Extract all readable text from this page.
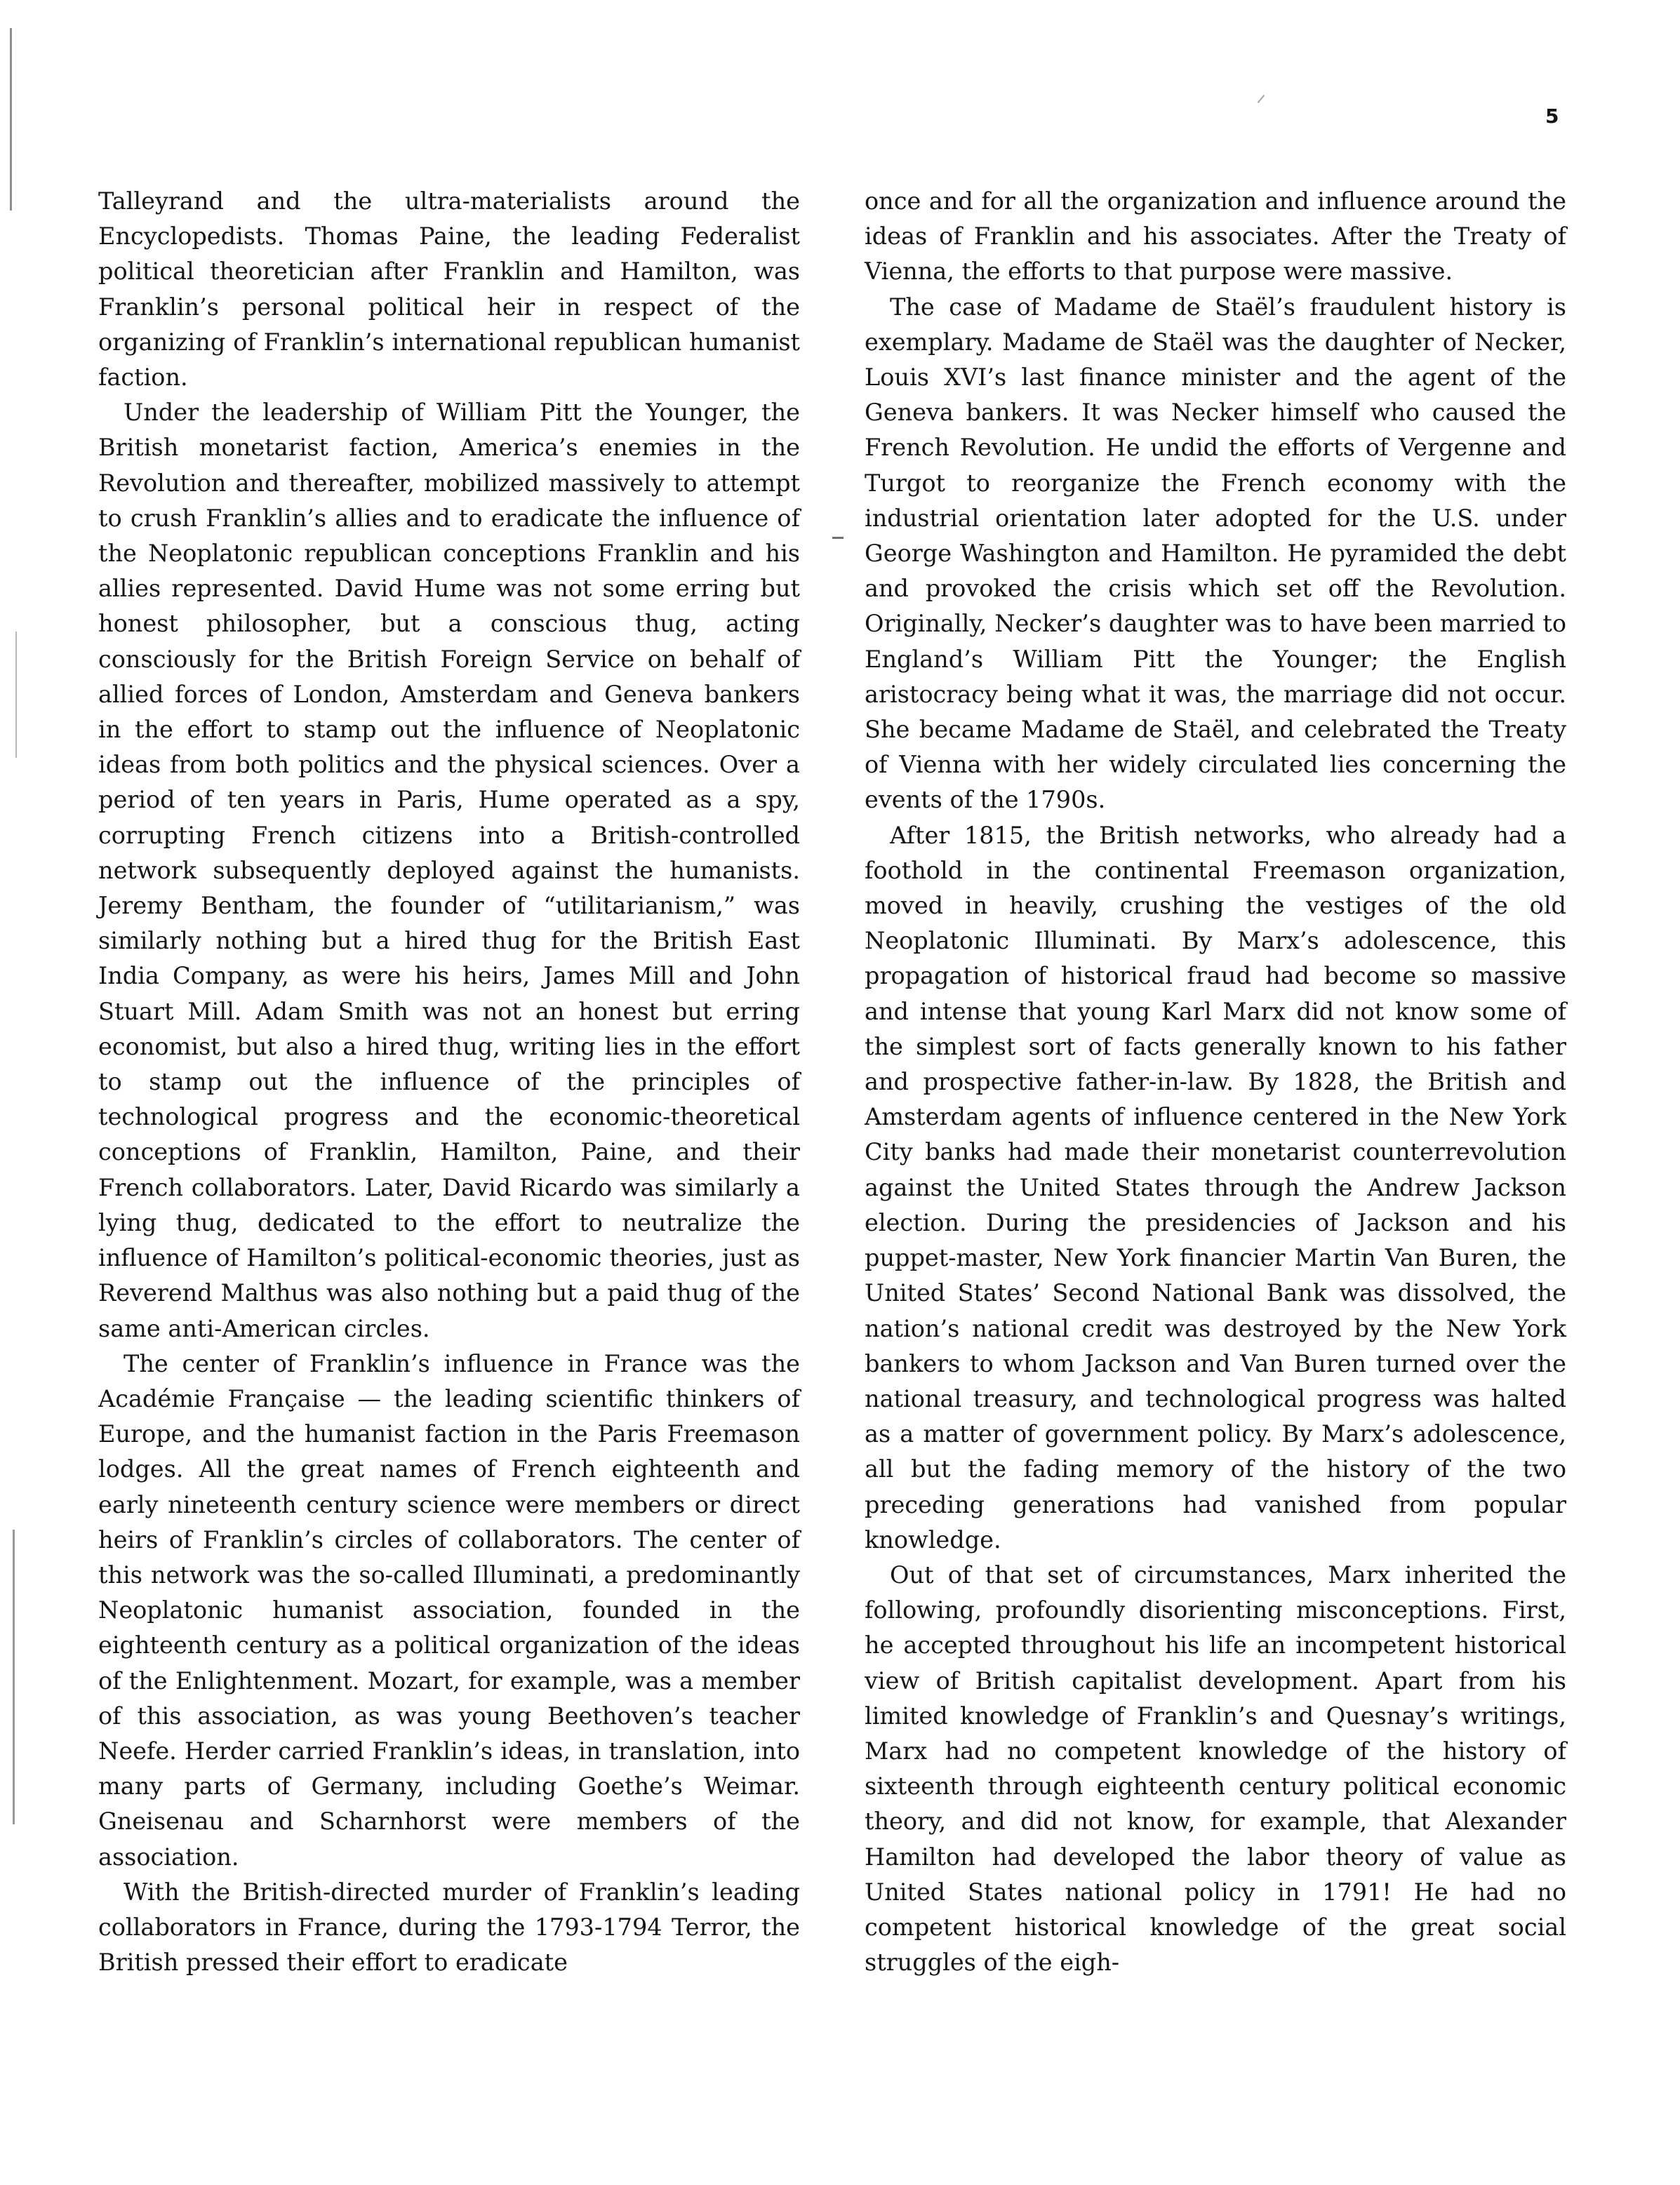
5

Talleyrand and the ultra-materialists around the Encyclopedists. Thomas Paine, the leading Federalist political theoretician after Franklin and Hamilton, was Franklin’s personal political heir in respect of the organizing of Franklin’s international republican humanist faction.

Under the leadership of William Pitt the Younger, the British monetarist faction, America’s enemies in the Revolution and thereafter, mobilized massively to attempt to crush Franklin’s allies and to eradicate the influence of the Neoplatonic republican conceptions Franklin and his allies represented. David Hume was not some erring but honest philosopher, but a conscious thug, acting consciously for the British Foreign Service on behalf of allied forces of London, Amsterdam and Geneva bankers in the effort to stamp out the influence of Neoplatonic ideas from both politics and the physical sciences. Over a period of ten years in Paris, Hume operated as a spy, corrupting French citizens into a British-controlled network subsequently deployed against the humanists. Jeremy Bentham, the founder of “utilitarianism,” was similarly nothing but a hired thug for the British East India Company, as were his heirs, James Mill and John Stuart Mill. Adam Smith was not an honest but erring economist, but also a hired thug, writing lies in the effort to stamp out the influence of the principles of technological progress and the economic-theoretical conceptions of Franklin, Hamilton, Paine, and their French collaborators. Later, David Ricardo was similarly a lying thug, dedicated to the effort to neutralize the influence of Hamilton’s political-economic theories, just as Reverend Malthus was also nothing but a paid thug of the same anti-American circles.

The center of Franklin’s influence in France was the Académie Française — the leading scientific thinkers of Europe, and the humanist faction in the Paris Freemason lodges. All the great names of French eighteenth and early nineteenth century science were members or direct heirs of Franklin’s circles of collaborators. The center of this network was the so-called Illuminati, a predominantly Neoplatonic humanist association, founded in the eighteenth century as a political organization of the ideas of the Enlightenment. Mozart, for example, was a member of this association, as was young Beethoven’s teacher Neefe. Herder carried Franklin’s ideas, in translation, into many parts of Germany, including Goethe’s Weimar. Gneisenau and Scharnhorst were members of the association.

With the British-directed murder of Franklin’s leading collaborators in France, during the 1793-1794 Terror, the British pressed their effort to eradicate

once and for all the organization and influence around the ideas of Franklin and his associates. After the Treaty of Vienna, the efforts to that purpose were massive.

The case of Madame de Staël’s fraudulent history is exemplary. Madame de Staël was the daughter of Necker, Louis XVI’s last finance minister and the agent of the Geneva bankers. It was Necker himself who caused the French Revolution. He undid the efforts of Vergenne and Turgot to reorganize the French economy with the industrial orientation later adopted for the U.S. under George Washington and Hamilton. He pyramided the debt and provoked the crisis which set off the Revolution. Originally, Necker’s daughter was to have been married to England’s William Pitt the Younger; the English aristocracy being what it was, the marriage did not occur. She became Madame de Staël, and celebrated the Treaty of Vienna with her widely circulated lies concerning the events of the 1790s.

After 1815, the British networks, who already had a foothold in the continental Freemason organization, moved in heavily, crushing the vestiges of the old Neoplatonic Illuminati. By Marx’s adolescence, this propagation of historical fraud had become so massive and intense that young Karl Marx did not know some of the simplest sort of facts generally known to his father and prospective father-in-law. By 1828, the British and Amsterdam agents of influence centered in the New York City banks had made their monetarist counterrevolution against the United States through the Andrew Jackson election. During the presidencies of Jackson and his puppet-master, New York financier Martin Van Buren, the United States’ Second National Bank was dissolved, the nation’s national credit was destroyed by the New York bankers to whom Jackson and Van Buren turned over the national treasury, and technological progress was halted as a matter of government policy. By Marx’s adolescence, all but the fading memory of the history of the two preceding generations had vanished from popular knowledge.

Out of that set of circumstances, Marx inherited the following, profoundly disorienting misconceptions. First, he accepted throughout his life an incompetent historical view of British capitalist development. Apart from his limited knowledge of Franklin’s and Quesnay’s writings, Marx had no competent knowledge of the history of sixteenth through eighteenth century political economic theory, and did not know, for example, that Alexander Hamilton had developed the labor theory of value as United States national policy in 1791! He had no competent historical knowledge of the great social struggles of the eigh-
